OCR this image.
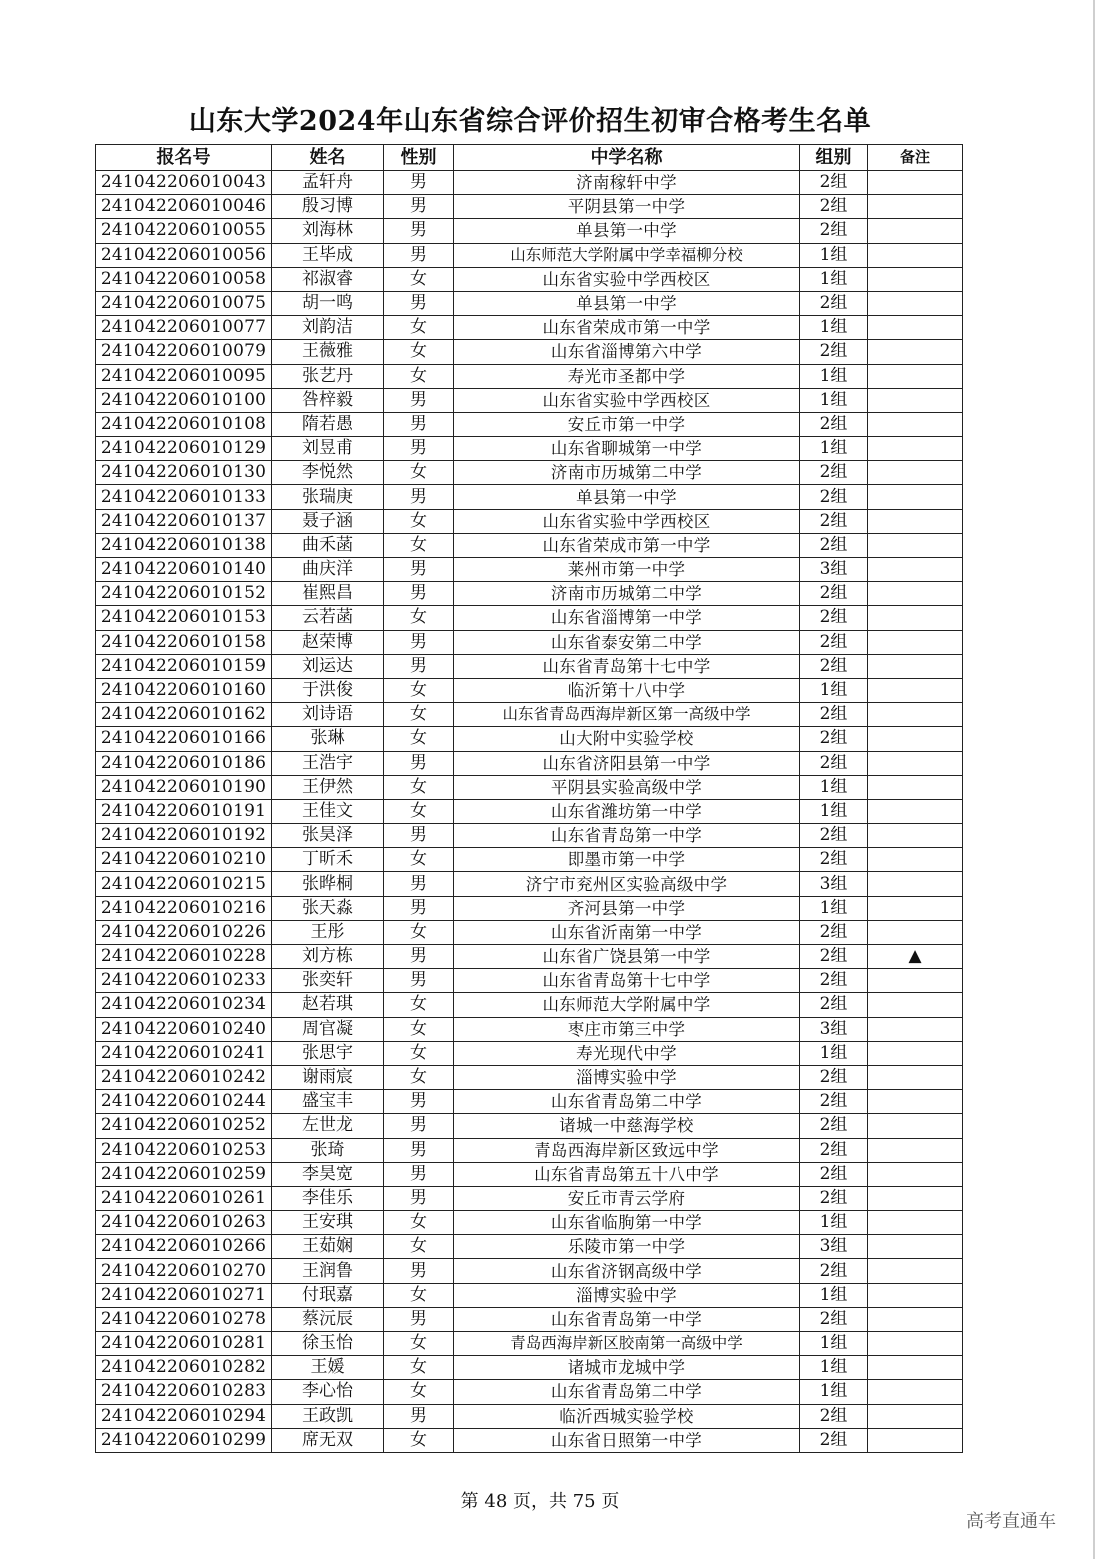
山东大学2024年山东省综合评价招生初审合格考生名单
报名号	姓名	性别	中学名称	组别	备注
241042206010043	孟轩舟	男	济南稼轩中学	2组	
241042206010046	殷习博	男	平阴县第一中学	2组	
241042206010055	刘海林	男	单县第一中学	2组	
241042206010056	王毕成	男	山东师范大学附属中学幸福柳分校	1组	
241042206010058	祁淑睿	女	山东省实验中学西校区	1组	
241042206010075	胡一鸣	男	单县第一中学	2组	
241042206010077	刘韵洁	女	山东省荣成市第一中学	1组	
241042206010079	王薇雅	女	山东省淄博第六中学	2组	
241042206010095	张艺丹	女	寿光市圣都中学	1组	
241042206010100	咎梓毅	男	山东省实验中学西校区	1组	
241042206010108	隋若愚	男	安丘市第一中学	2组	
241042206010129	刘昱甫	男	山东省聊城第一中学	1组	
241042206010130	李悦然	女	济南市历城第二中学	2组	
241042206010133	张瑞庚	男	单县第一中学	2组	
241042206010137	聂子涵	女	山东省实验中学西校区	2组	
241042206010138	曲禾菡	女	山东省荣成市第一中学	2组	
241042206010140	曲庆洋	男	莱州市第一中学	3组	
241042206010152	崔熙昌	男	济南市历城第二中学	2组	
241042206010153	云若菡	女	山东省淄博第一中学	2组	
241042206010158	赵荣博	男	山东省泰安第二中学	2组	
241042206010159	刘运达	男	山东省青岛第十七中学	2组	
241042206010160	于洪俊	女	临沂第十八中学	1组	
241042206010162	刘诗语	女	山东省青岛西海岸新区第一高级中学	2组	
241042206010166	张琳	女	山大附中实验学校	2组	
241042206010186	王浩宇	男	山东省济阳县第一中学	2组	
241042206010190	王伊然	女	平阴县实验高级中学	1组	
241042206010191	王佳文	女	山东省潍坊第一中学	1组	
241042206010192	张昊泽	男	山东省青岛第一中学	2组	
241042206010210	丁昕禾	女	即墨市第一中学	2组	
241042206010215	张晔桐	男	济宁市兖州区实验高级中学	3组	
241042206010216	张天淼	男	齐河县第一中学	1组	
241042206010226	王彤	女	山东省沂南第一中学	2组	
241042206010228	刘方栋	男	山东省广饶县第一中学	2组	▲
241042206010233	张奕轩	男	山东省青岛第十七中学	2组	
241042206010234	赵若琪	女	山东师范大学附属中学	2组	
241042206010240	周官凝	女	枣庄市第三中学	3组	
241042206010241	张思宇	女	寿光现代中学	1组	
241042206010242	谢雨宸	女	淄博实验中学	2组	
241042206010244	盛宝丰	男	山东省青岛第二中学	2组	
241042206010252	左世龙	男	诸城一中慈海学校	2组	
241042206010253	张琦	男	青岛西海岸新区致远中学	2组	
241042206010259	李昊宽	男	山东省青岛第五十八中学	2组	
241042206010261	李佳乐	男	安丘市青云学府	2组	
241042206010263	王安琪	女	山东省临朐第一中学	1组	
241042206010266	王茹娴	女	乐陵市第一中学	3组	
241042206010270	王润鲁	男	山东省济钢高级中学	2组	
241042206010271	付珉嘉	女	淄博实验中学	1组	
241042206010278	蔡沅辰	男	山东省青岛第一中学	2组	
241042206010281	徐玉怡	女	青岛西海岸新区胶南第一高级中学	1组	
241042206010282	王媛	女	诸城市龙城中学	1组	
241042206010283	李心怡	女	山东省青岛第二中学	1组	
241042206010294	王政凯	男	临沂西城实验学校	2组	
241042206010299	席无双	女	山东省日照第一中学	2组	
第 48 页，共 75 页
高考直通车
